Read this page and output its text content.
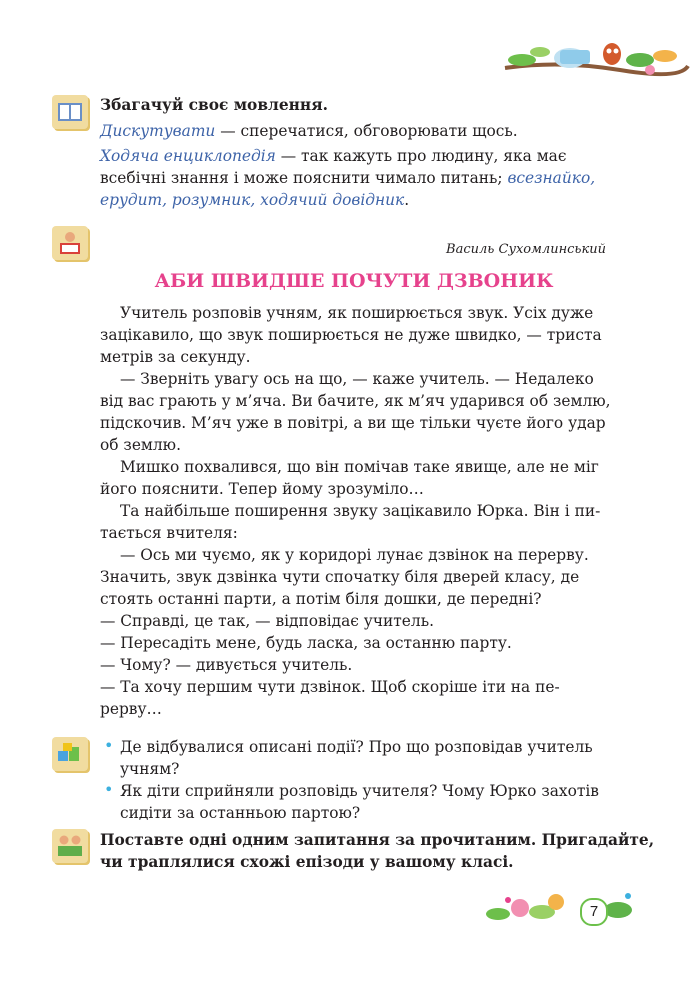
Збагачуй своє мовлення.
Дискутувати — сперечатися, обговорювати щось.
Ходяча енциклопедія — так кажуть про людину, яка має
всебічні знання і може пояснити чимало питань; всезнайко,
ерудит, розумник, ходячий довідник.
Василь Сухомлинський
АБИ ШВИДШЕ ПОЧУТИ ДЗВОНИК
Учитель розповів учням, як поширюється звук. Усіх дуже
зацікавило, що звук поширюється не дуже швидко, — триста
метрів за секунду.
— Зверніть увагу ось на що, — каже учитель. — Недалеко
від вас грають у м’яча. Ви бачите, як м’яч ударився об землю,
підскочив. М’яч уже в повітрі, а ви ще тільки чуєте його удар
об землю.
Мишко похвалився, що він помічав таке явище, але не міг
його пояснити. Тепер йому зрозуміло…
Та найбільше поширення звуку зацікавило Юрка. Він і пи-
тається вчителя:
— Ось ми чуємо, як у коридорі лунає дзвінок на перерву.
Значить, звук дзвінка чути спочатку біля дверей класу, де
стоять останні парти, а потім біля дошки, де передні?
— Справді, це так, — відповідає учитель.
— Пересадіть мене, будь ласка, за останню парту.
— Чому? — дивується учитель.
— Та хочу першим чути дзвінок. Щоб скоріше іти на пе-
рерву…
• Де відбувалися описані події? Про що розповідав учитель
учням?
• Як діти сприйняли розповідь учителя? Чому Юрко захотів
сидіти за останньою партою?
Поставте одні одним запитання за прочитаним. Пригадайте,
чи траплялися схожі епізоди у вашому класі.
7
